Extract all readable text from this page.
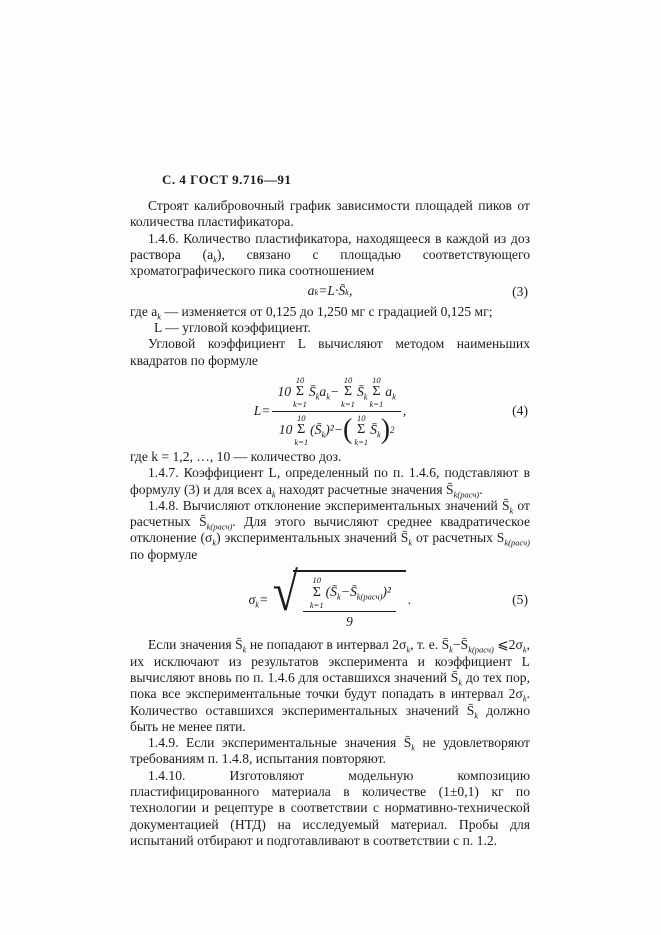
С. 4 ГОСТ 9.716—91

Строят калибровочный график зависимости площадей пиков от количества пластификатора.

1.4.6. Количество пластификатора, находящееся в каждой из доз раствора $(a_k)$, связано с площадью соответствующего хроматографического пика соотношением

a k =L·S̄ k ,	(3)
где $a_k$ — изменяется от 0,125 до 1,250 мг с градацией 0,125 мг;
L — угловой коэффициент.

Угловой коэффициент L вычисляют методом наименьших квадратов по формуле

L =
10
10
Σ
k=1
$S̄_ka_k$ −
10
Σ
k=1
$S̄_k$
10
Σ
k=1
$a_k$
10
10
Σ
k=1
$(S̄_k)^2$ − ( 10
Σ
k=1
$S̄_k$ ) 2
,	(4)
где k = 1,2, …, 10 — количество доз.

1.4.7. Коэффициент L, определенный по п. 1.4.6, подставляют в формулу (3) и для всех $a_k$ находят расчетные значения $S̄_{k(расч)}$.

1.4.8. Вычисляют отклонение экспериментальных значений $S̄_k$ от расчетных $S̄_{k(расч)}$. Для этого вычисляют среднее квадратическое отклонение $(\sigma_k)$ экспериментальных значений $S̄_k$ от расчетных $S_{k(расч)}$ по формуле

$\sigma_k=$ √ 10
Σ
k=1
$(S̄_k-S̄_{k(расч)})^2$
9 .	(5)

Если значения $S̄_k$ не попадают в интервал $2\sigma_k$, т. е. $S̄_k-S̄_{k(расч)}$ $⩽2\sigma_k$, их исключают из результатов эксперимента и коэффициент L вычисляют вновь по п. 1.4.6 для оставшихся значений $S̄_k$ до тех пор, пока все экспериментальные точки будут попадать в интервал $2\sigma_k$. Количество оставшихся экспериментальных значений $S̄_k$ должно быть не менее пяти.

1.4.9. Если экспериментальные значения $S̄_k$ не удовлетворяют требованиям п. 1.4.8, испытания повторяют.

1.4.10. Изготовляют модельную композицию пластифицированного материала в количестве (1±0,1) кг по технологии и рецептуре в соответствии с нормативно-технической документацией (НТД) на исследуемый материал. Пробы для испытаний отбирают и подготавливают в соответствии с п. 1.2.
